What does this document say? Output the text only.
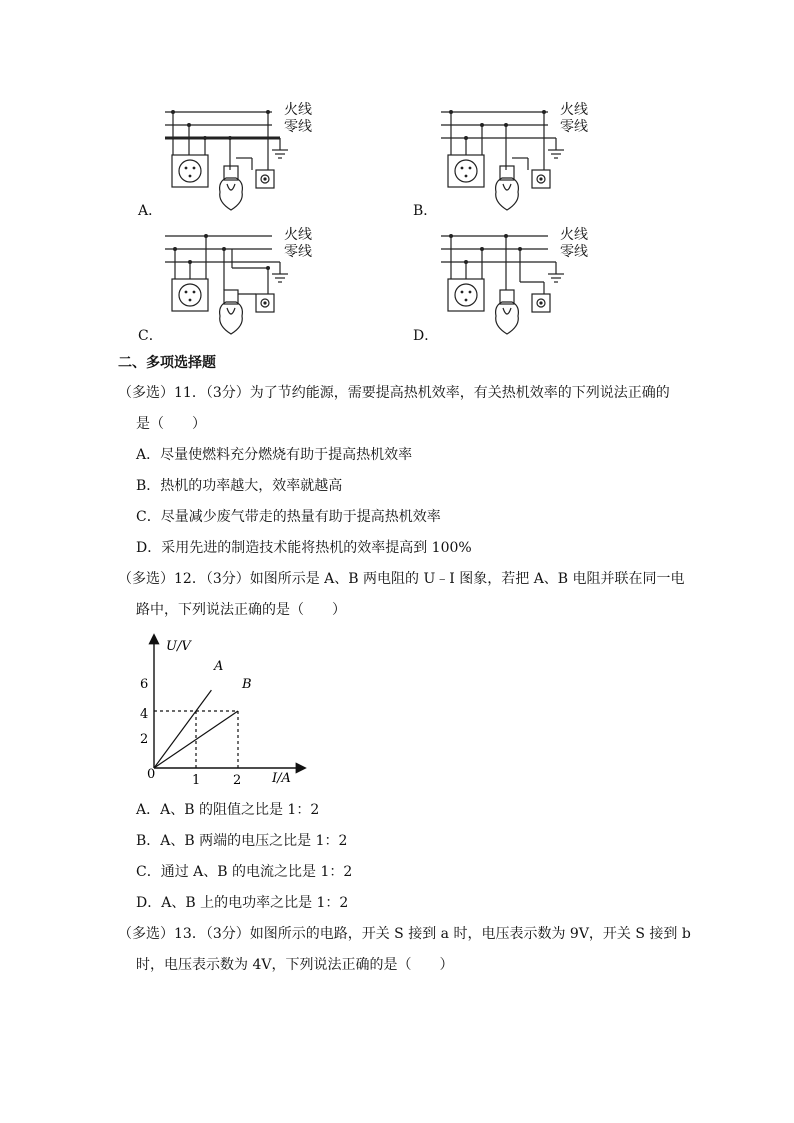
火线
零线
火线
零线
火线
零线
火线
零线
A．	B．
C．	D．
二、多项选择题
（多选）11．（3分）为了节约能源，需要提高热机效率，有关热机效率的下列说法正确的
是（　　）
A．尽量使燃料充分燃烧有助于提高热机效率
B．热机的功率越大，效率就越高
C．尽量减少废气带走的热量有助于提高热机效率
D．采用先进的制造技术能将热机的效率提高到 100%
（多选）12．（3分）如图所示是 A、B 两电阻的 U﹣I 图象，若把 A、B 电阻并联在同一电
路中，下列说法正确的是（　　）
U/V
I/A
0
6
4
2
1	2
A
B
A．A、B 的阻值之比是 1：2
B．A、B 两端的电压之比是 1：2
C．通过 A、B 的电流之比是 1：2
D．A、B 上的电功率之比是 1：2
（多选）13．（3分）如图所示的电路，开关 S 接到 a 时，电压表示数为 9V，开关 S 接到 b
时，电压表示数为 4V，下列说法正确的是（　　）
